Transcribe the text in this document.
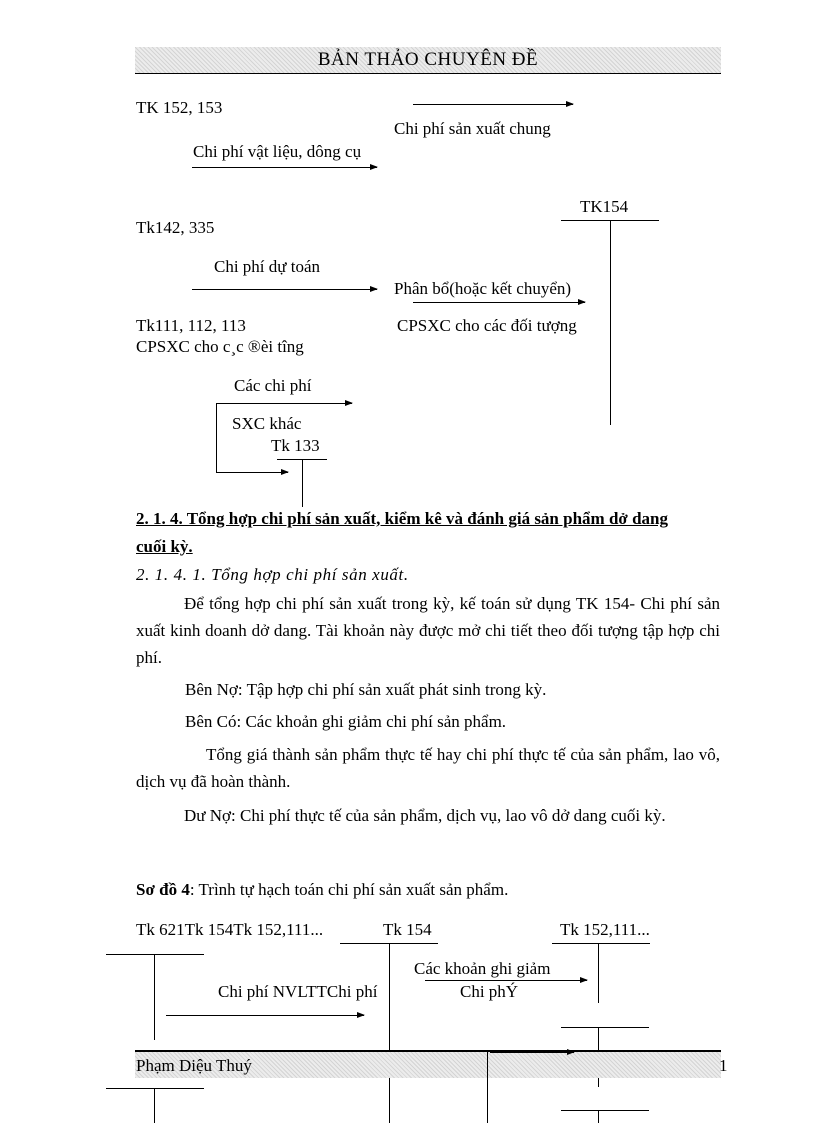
BẢN THẢO CHUYÊN ĐỀ
TK 152, 153
Chi phí sản xuất chung
Chi phí vật liệu, dông cụ
TK154
Tk142, 335
Chi phí dự toán
Phân bổ(hoặc kết chuyển)
Tk111, 112, 113	CPSXC cho các đối tượng
CPSXC cho c¸c ®èi tîng
Các chi phí
SXC khác
Tk 133
2. 1. 4. Tổng hợp chi phí sản xuất, kiểm kê và đánh giá sản phẩm dở dang
cuối kỳ.
2. 1. 4. 1. Tổng hợp chi phí sản xuất.
Để tổng hợp chi phí sản xuất trong kỳ, kế toán sử dụng TK 154- Chi phí sản xuất kinh doanh dở dang. Tài khoản này được mở chi tiết theo đối tượng tập hợp chi phí.
Bên Nợ: Tập hợp chi phí sản xuất phát sinh trong kỳ.
Bên Có: Các khoản ghi giảm chi phí sản phẩm.
Tổng giá thành sản phẩm thực tế hay chi phí thực tế của sản phẩm, lao vô, dịch vụ đã hoàn thành.
Dư Nợ: Chi phí thực tế của sản phẩm, dịch vụ, lao vô dở dang cuối kỳ.
Sơ đồ 4: Trình tự hạch toán chi phí sản xuất sản phẩm.
Tk 621Tk 154Tk 152,111...	Tk 154	Tk 152,111...
Các khoản ghi giảm
Chi phÝ
Chi phí NVLTTChi phí
Phạm Diệu Thuý	1
